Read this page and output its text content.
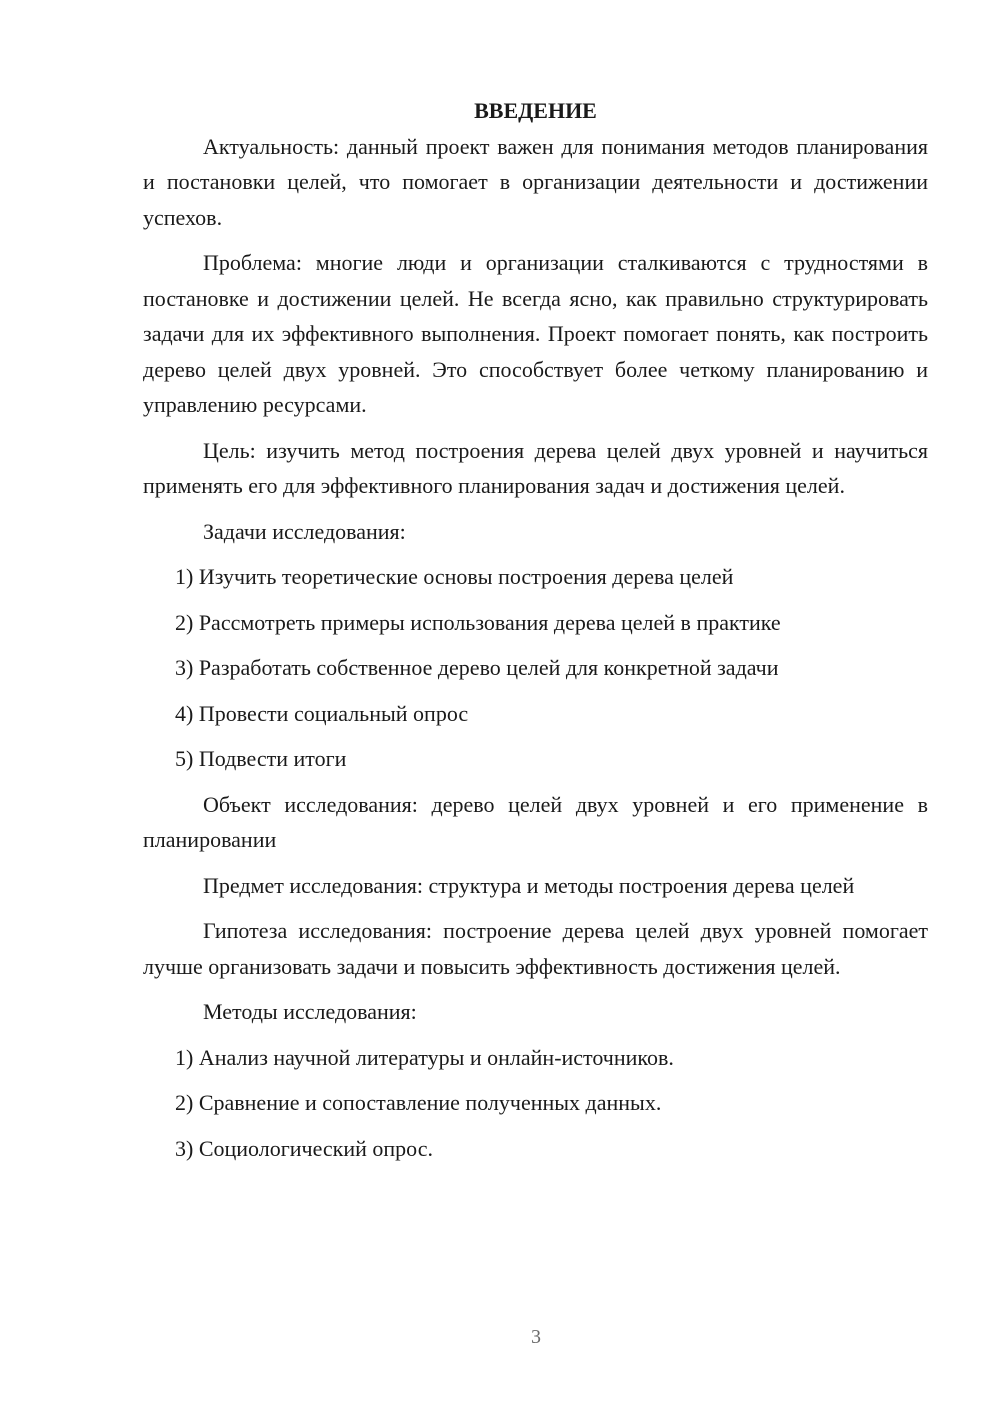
ВВЕДЕНИЕ

Актуальность: данный проект важен для понимания методов планирования и постановки целей, что помогает в организации деятельности и достижении успехов.

Проблема: многие люди и организации сталкиваются с трудностями в постановке и достижении целей. Не всегда ясно, как правильно структурировать задачи для их эффективного выполнения. Проект помогает понять, как построить дерево целей двух уровней. Это способствует более четкому планированию и управлению ресурсами.

Цель: изучить метод построения дерева целей двух уровней и научиться применять его для эффективного планирования задач и достижения целей.

Задачи исследования:

1) Изучить теоретические основы построения дерева целей

2) Рассмотреть примеры использования дерева целей в практике

3) Разработать собственное дерево целей для конкретной задачи

4) Провести социальный опрос

5) Подвести итоги

Объект исследования: дерево целей двух уровней и его применение в планировании

Предмет исследования: структура и методы построения дерева целей

Гипотеза исследования: построение дерева целей двух уровней помогает лучше организовать задачи и повысить эффективность достижения целей.

Методы исследования:

1) Анализ научной литературы и онлайн-источников.

2) Сравнение и сопоставление полученных данных.

3) Социологический опрос.

3
